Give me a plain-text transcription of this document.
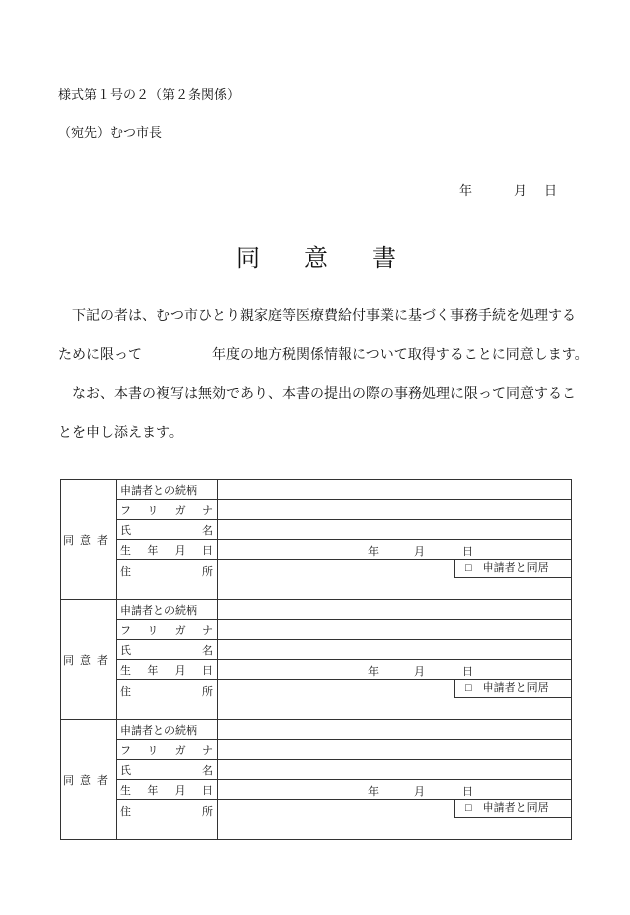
様式第１号の２（第２条関係）
（宛先）むつ市長
年	月 日
同 意 書
下記の者は、むつ市ひとり親家庭等医療費給付事業に基づく事務手続を処理する
ために限って　　　　　年度の地方税関係情報について取得することに同意します。
なお、本書の複写は無効であり、本書の提出の際の事務処理に限って同意するこ
とを申し添えます。
同意者	申請者との続柄	

	フ リ ガ ナ	

	氏 名	

	生 年 月 日	年 月 日

	住 所	□　申請者と同居

同意者	申請者との続柄	

	フ リ ガ ナ	

	氏 名	

	生 年 月 日	年 月 日

	住 所	□　申請者と同居

同意者	申請者との続柄	

	フ リ ガ ナ	

	氏 名	

	生 年 月 日	年 月 日

	住 所	□　申請者と同居
